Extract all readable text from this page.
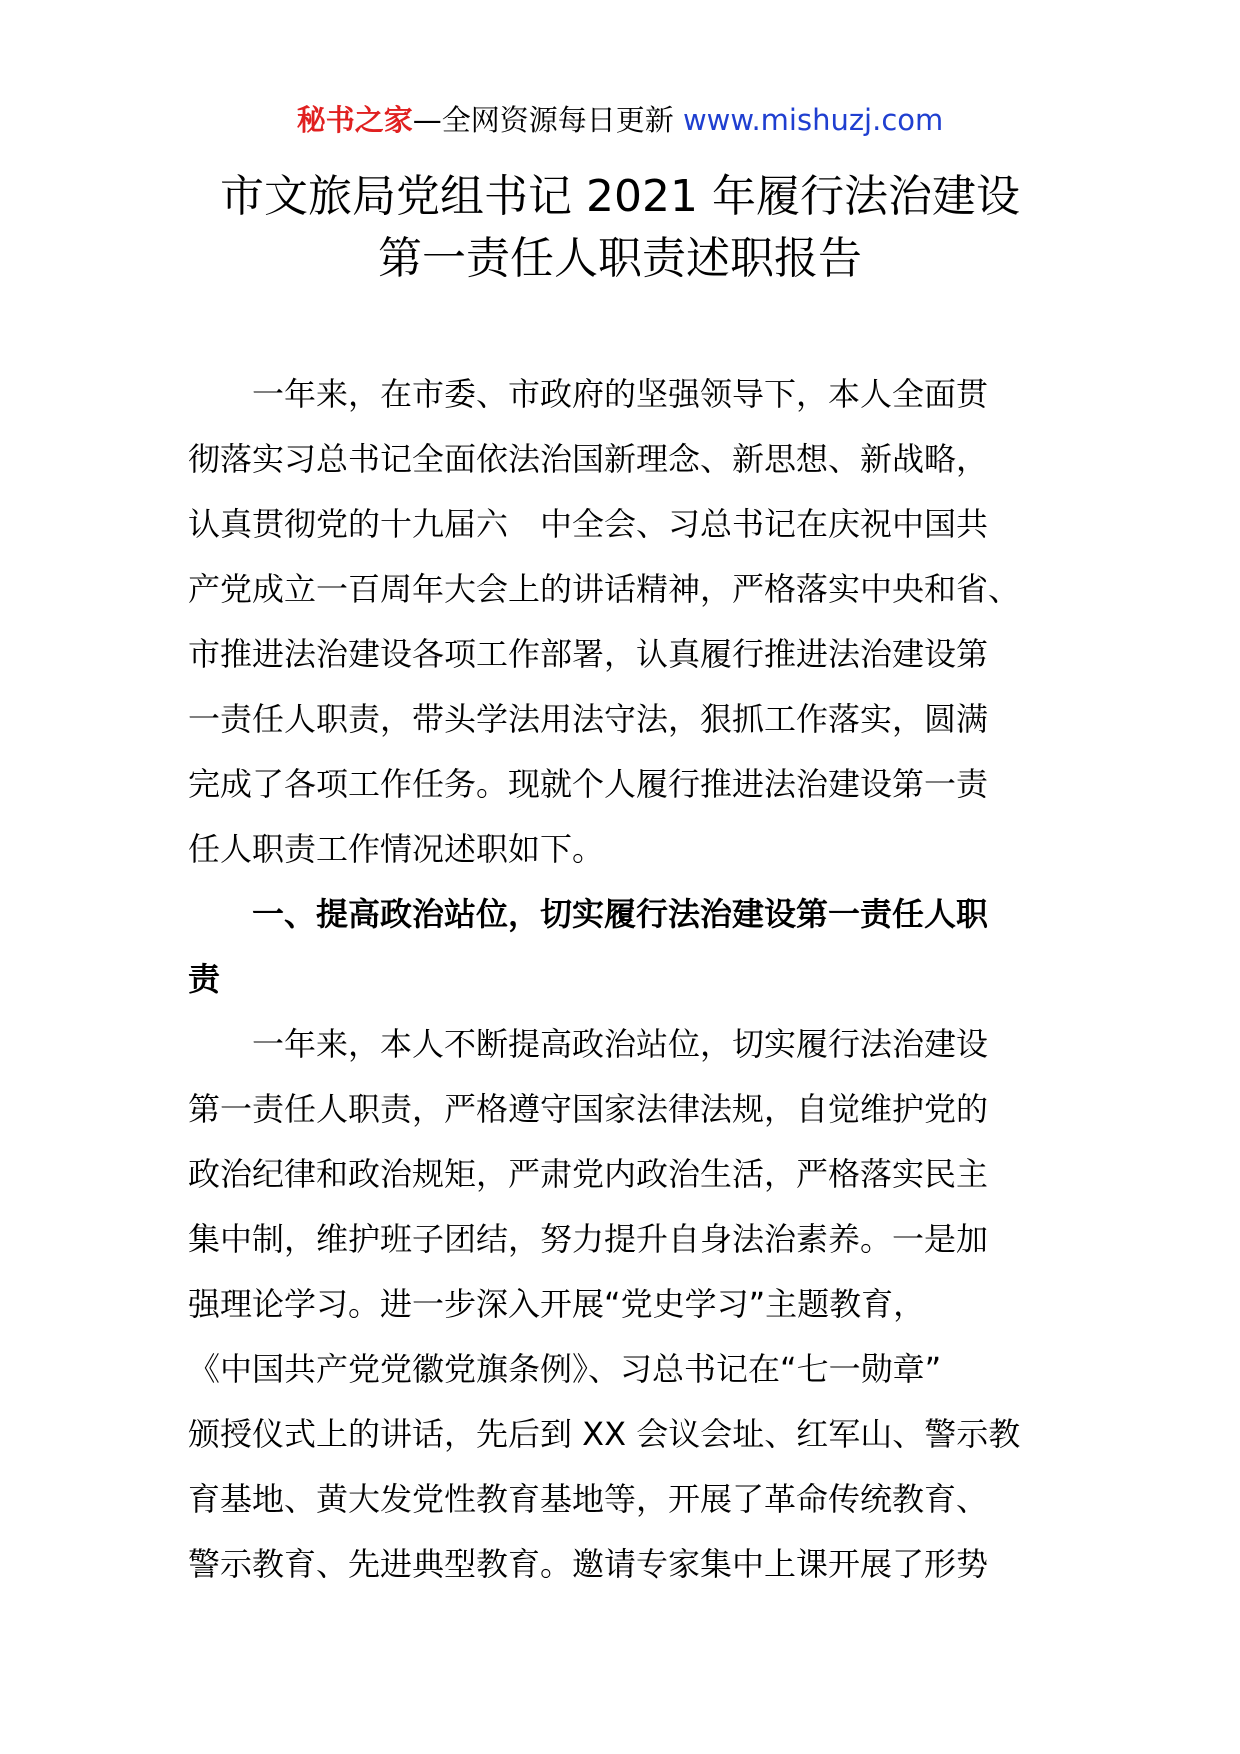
秘书之家—全网资源每日更新 www.mishuzj.com
市文旅局党组书记 2021 年履行法治建设
第一责任人职责述职报告
　　一年来，在市委、市政府的坚强领导下，本人全面贯
彻落实习总书记全面依法治国新理念、新思想、新战略，
认真贯彻党的十九届六　中全会、习总书记在庆祝中国共
产党成立一百周年大会上的讲话精神，严格落实中央和省、
市推进法治建设各项工作部署，认真履行推进法治建设第
一责任人职责，带头学法用法守法，狠抓工作落实，圆满
完成了各项工作任务。现就个人履行推进法治建设第一责
任人职责工作情况述职如下。
　　一、提高政治站位，切实履行法治建设第一责任人职
责
　　一年来，本人不断提高政治站位，切实履行法治建设
第一责任人职责，严格遵守国家法律法规，自觉维护党的
政治纪律和政治规矩，严肃党内政治生活，严格落实民主
集中制，维护班子团结，努力提升自身法治素养。一是加
强理论学习。进一步深入开展“党史学习”主题教育，
《中国共产党党徽党旗条例》、习总书记在“七一勋章”
颁授仪式上的讲话，先后到 XX 会议会址、红军山、警示教
育基地、黄大发党性教育基地等，开展了革命传统教育、
警示教育、先进典型教育。邀请专家集中上课开展了形势
